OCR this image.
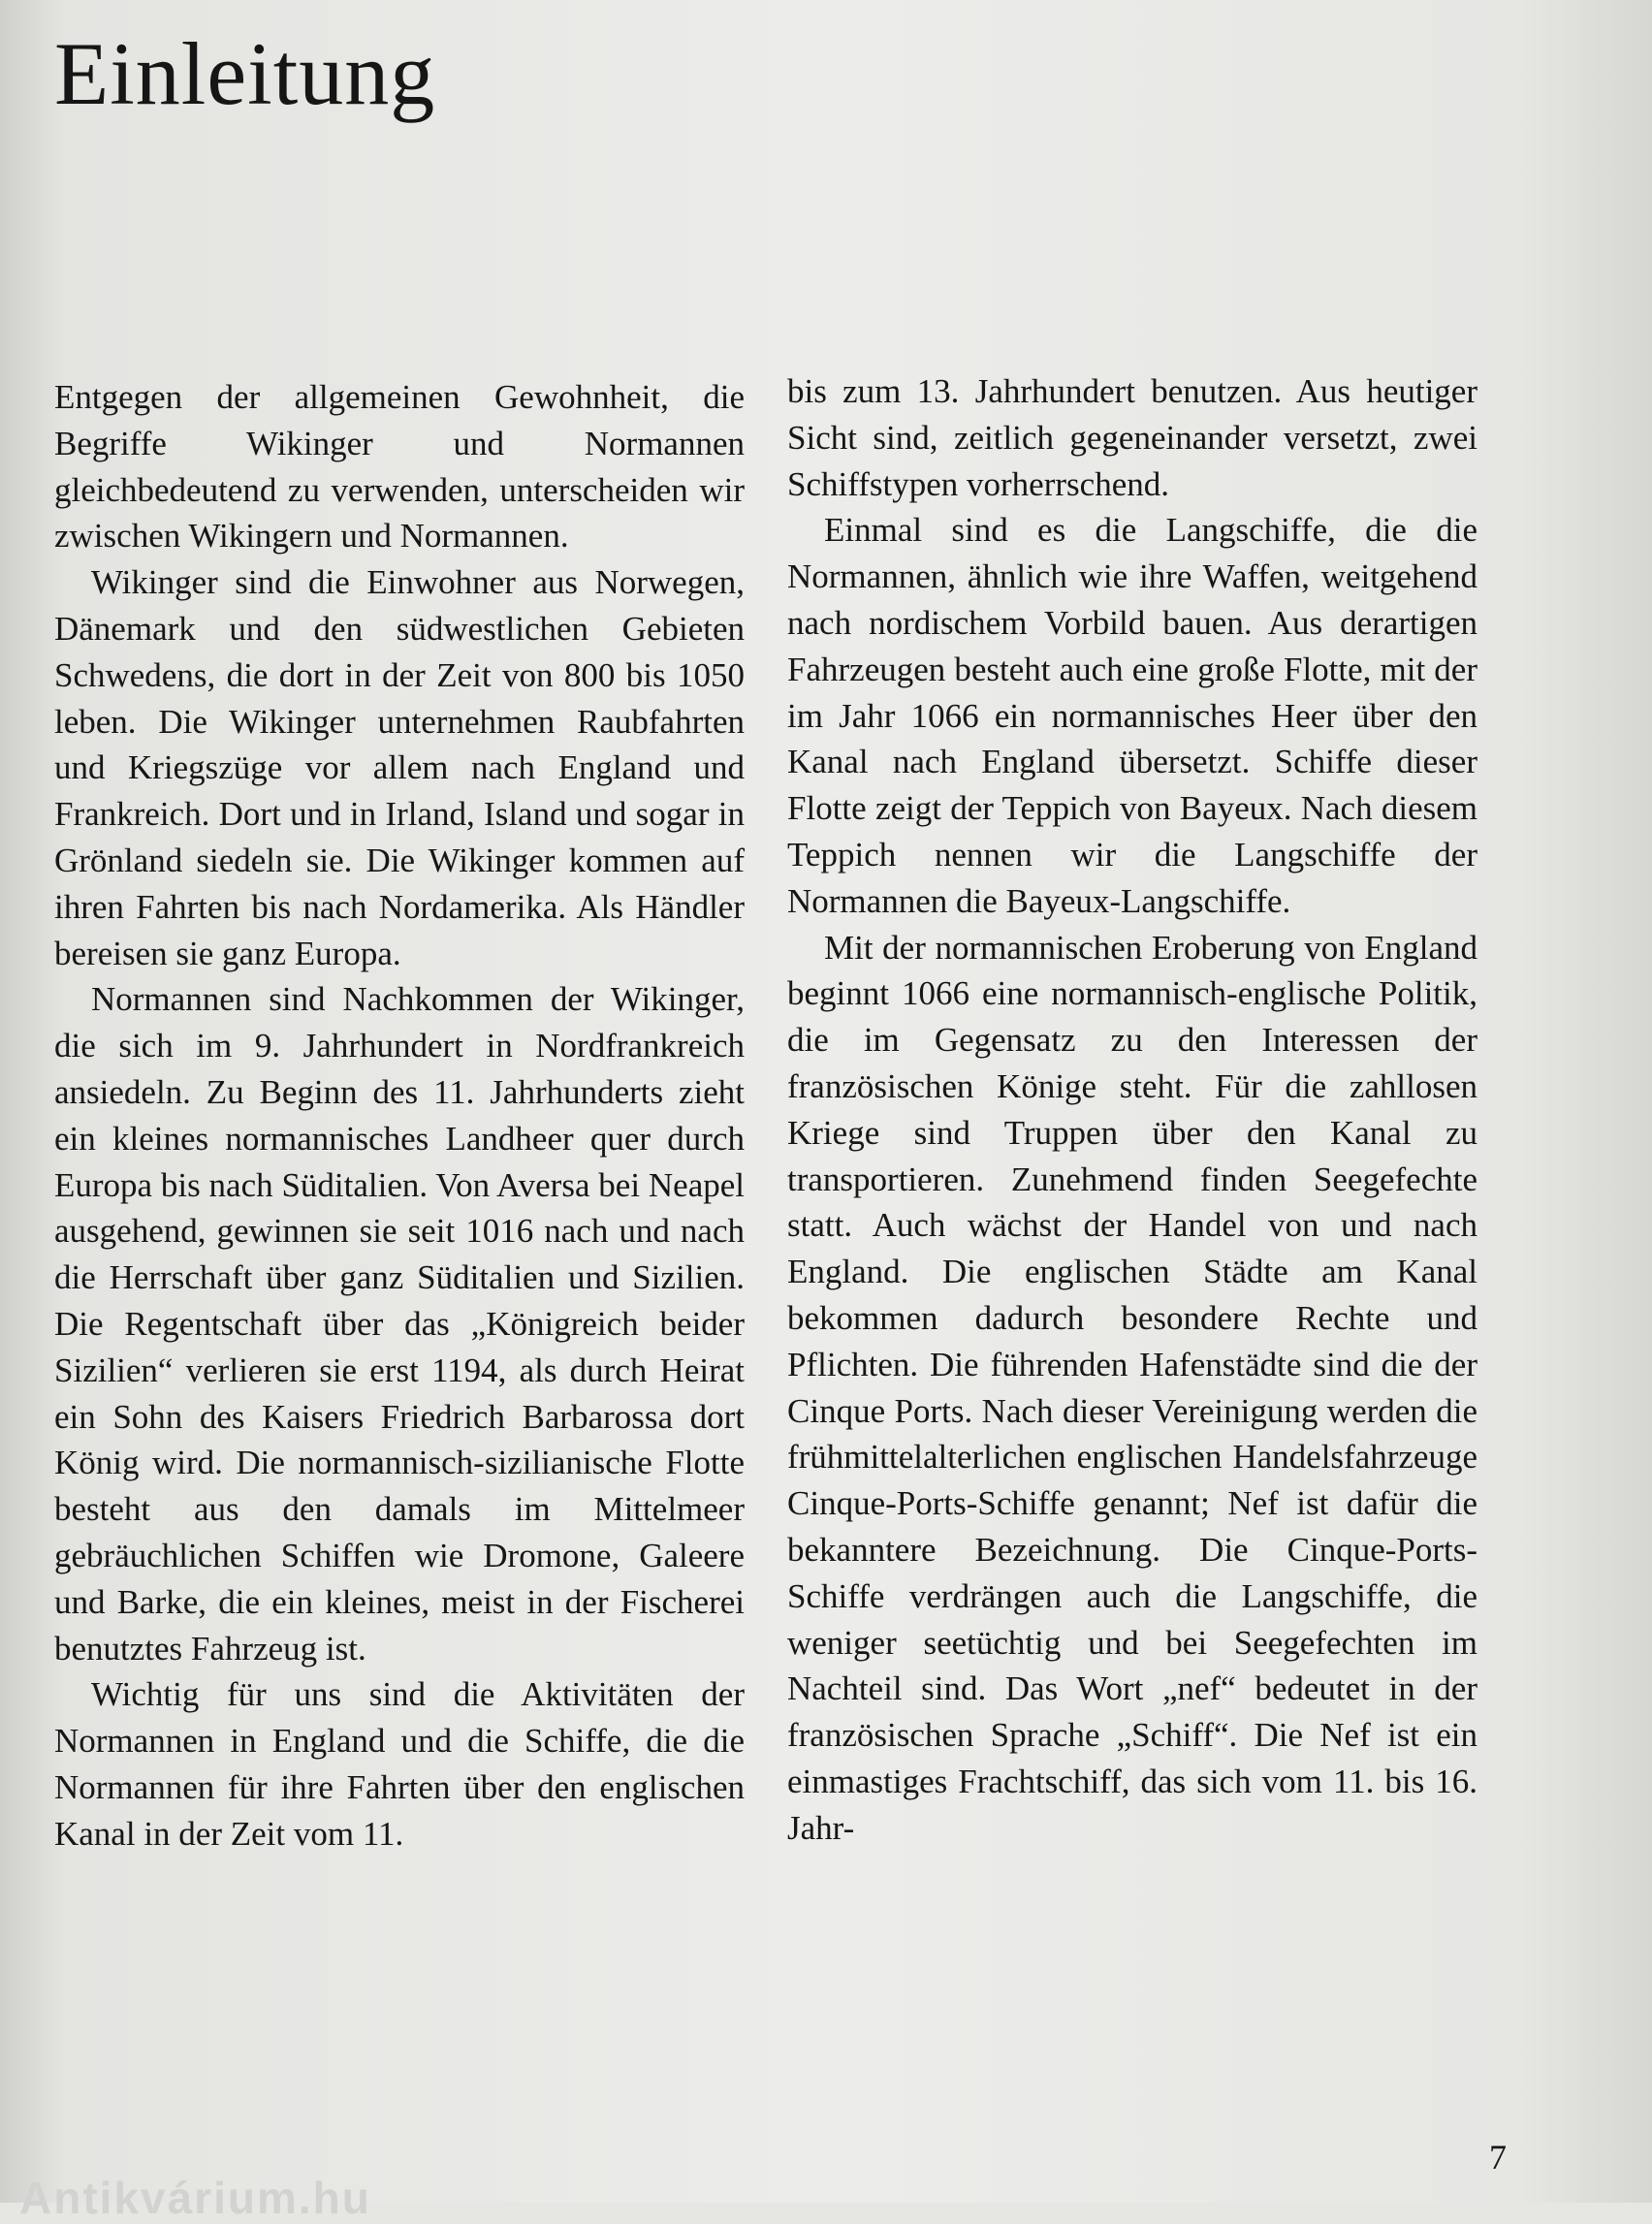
Einleitung

Entgegen der allgemeinen Gewohnheit, die Begriffe Wikinger und Normannen gleichbedeutend zu verwenden, unterscheiden wir zwischen Wikingern und Normannen.

Wikinger sind die Einwohner aus Norwegen, Dänemark und den südwestlichen Gebieten Schwedens, die dort in der Zeit von 800 bis 1050 leben. Die Wikinger unternehmen Raubfahrten und Kriegszüge vor allem nach England und Frankreich. Dort und in Irland, Island und sogar in Grönland siedeln sie. Die Wikinger kommen auf ihren Fahrten bis nach Nordamerika. Als Händler bereisen sie ganz Europa.

Normannen sind Nachkommen der Wikinger, die sich im 9. Jahrhundert in Nordfrankreich ansiedeln. Zu Beginn des 11. Jahrhunderts zieht ein kleines normannisches Landheer quer durch Europa bis nach Süditalien. Von Aversa bei Neapel ausgehend, gewinnen sie seit 1016 nach und nach die Herrschaft über ganz Süditalien und Sizilien. Die Regentschaft über das „Königreich beider Sizilien“ verlieren sie erst 1194, als durch Heirat ein Sohn des Kaisers Friedrich Barbarossa dort König wird. Die normannisch-sizilianische Flotte besteht aus den damals im Mittelmeer gebräuchlichen Schiffen wie Dromone, Galeere und Barke, die ein kleines, meist in der Fischerei benutztes Fahrzeug ist.

Wichtig für uns sind die Aktivitäten der Normannen in England und die Schiffe, die die Normannen für ihre Fahrten über den englischen Kanal in der Zeit vom 11.

bis zum 13. Jahrhundert benutzen. Aus heutiger Sicht sind, zeitlich gegeneinander versetzt, zwei Schiffstypen vorherrschend.

Einmal sind es die Langschiffe, die die Normannen, ähnlich wie ihre Waffen, weitgehend nach nordischem Vorbild bauen. Aus derartigen Fahrzeugen besteht auch eine große Flotte, mit der im Jahr 1066 ein normannisches Heer über den Kanal nach England übersetzt. Schiffe dieser Flotte zeigt der Teppich von Bayeux. Nach diesem Teppich nennen wir die Langschiffe der Normannen die Bayeux-Langschiffe.

Mit der normannischen Eroberung von England beginnt 1066 eine normannisch-englische Politik, die im Gegensatz zu den Interessen der französischen Könige steht. Für die zahllosen Kriege sind Truppen über den Kanal zu transportieren. Zunehmend finden Seegefechte statt. Auch wächst der Handel von und nach England. Die englischen Städte am Kanal bekommen dadurch besondere Rechte und Pflichten. Die führenden Hafenstädte sind die der Cinque Ports. Nach dieser Vereinigung werden die frühmittelalterlichen englischen Handelsfahrzeuge Cinque-Ports-Schiffe genannt; Nef ist dafür die bekanntere Bezeichnung. Die Cinque-Ports-Schiffe verdrängen auch die Langschiffe, die weniger seetüchtig und bei Seegefechten im Nachteil sind. Das Wort „nef“ bedeutet in der französischen Sprache „Schiff“. Die Nef ist ein einmastiges Frachtschiff, das sich vom 11. bis 16. Jahr-

7
Antikvárium.hu
